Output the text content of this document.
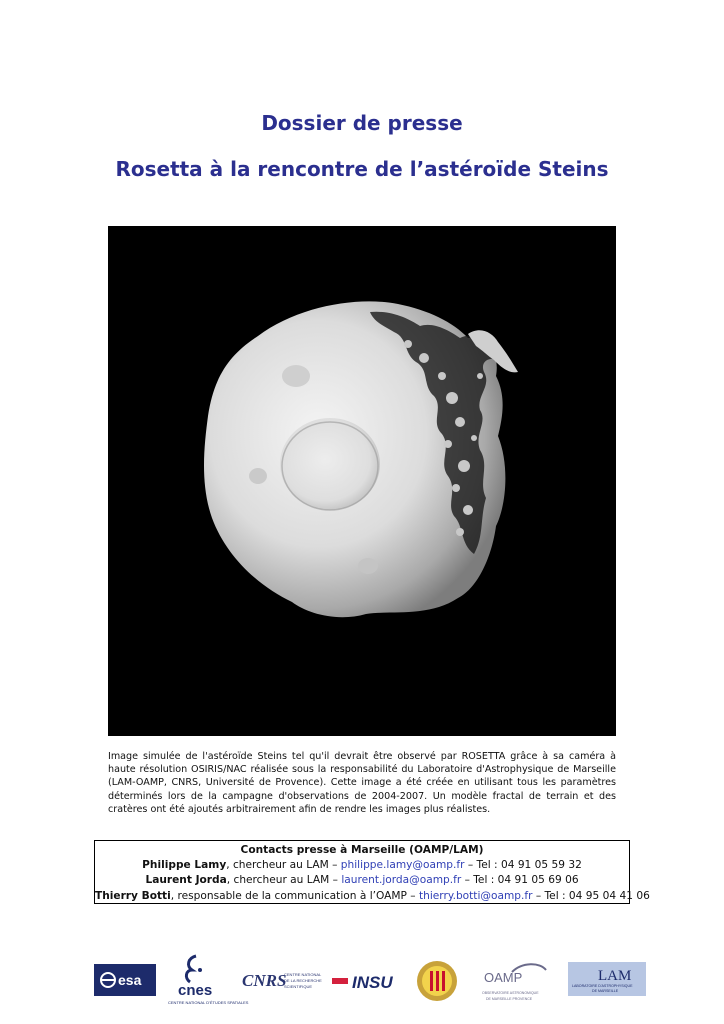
Dossier de presse
Rosetta à la rencontre de l’astéroïde Steins

Image simulée de l'astéroïde Steins tel qu'il devrait être observé par ROSETTA grâce à sa caméra à haute résolution OSIRIS/NAC réalisée sous la responsabilité du Laboratoire d'Astrophysique de Marseille (LAM-OAMP, CNRS, Université de Provence). Cette image a été créée en utilisant tous les paramètres déterminés lors de la campagne d'observations de 2004-2007. Un modèle fractal de terrain et des cratères ont été ajoutés arbitrairement afin de rendre les images plus réalistes.

Contacts presse à Marseille (OAMP/LAM)
Philippe Lamy, chercheur au LAM – philippe.lamy@oamp.fr – Tel : 04 91 05 59 32
Laurent Jorda, chercheur au LAM – laurent.jorda@oamp.fr – Tel : 04 91 05 69 06
Thierry Botti, responsable de la communication à l’OAMP – thierry.botti@oamp.fr – Tel : 04 95 04 41 06
esa
cnes
CENTRE NATIONAL D'ÉTUDES SPATIALES
CNRS
CENTRE NATIONAL
DE LA RECHERCHE
SCIENTIFIQUE INSU	OAMP
OBSERVATOIRE ASTRONOMIQUE
DE MARSEILLE PROVENCE
LAM
LABORATOIRE D'ASTROPHYSIQUE
DE MARSEILLE
